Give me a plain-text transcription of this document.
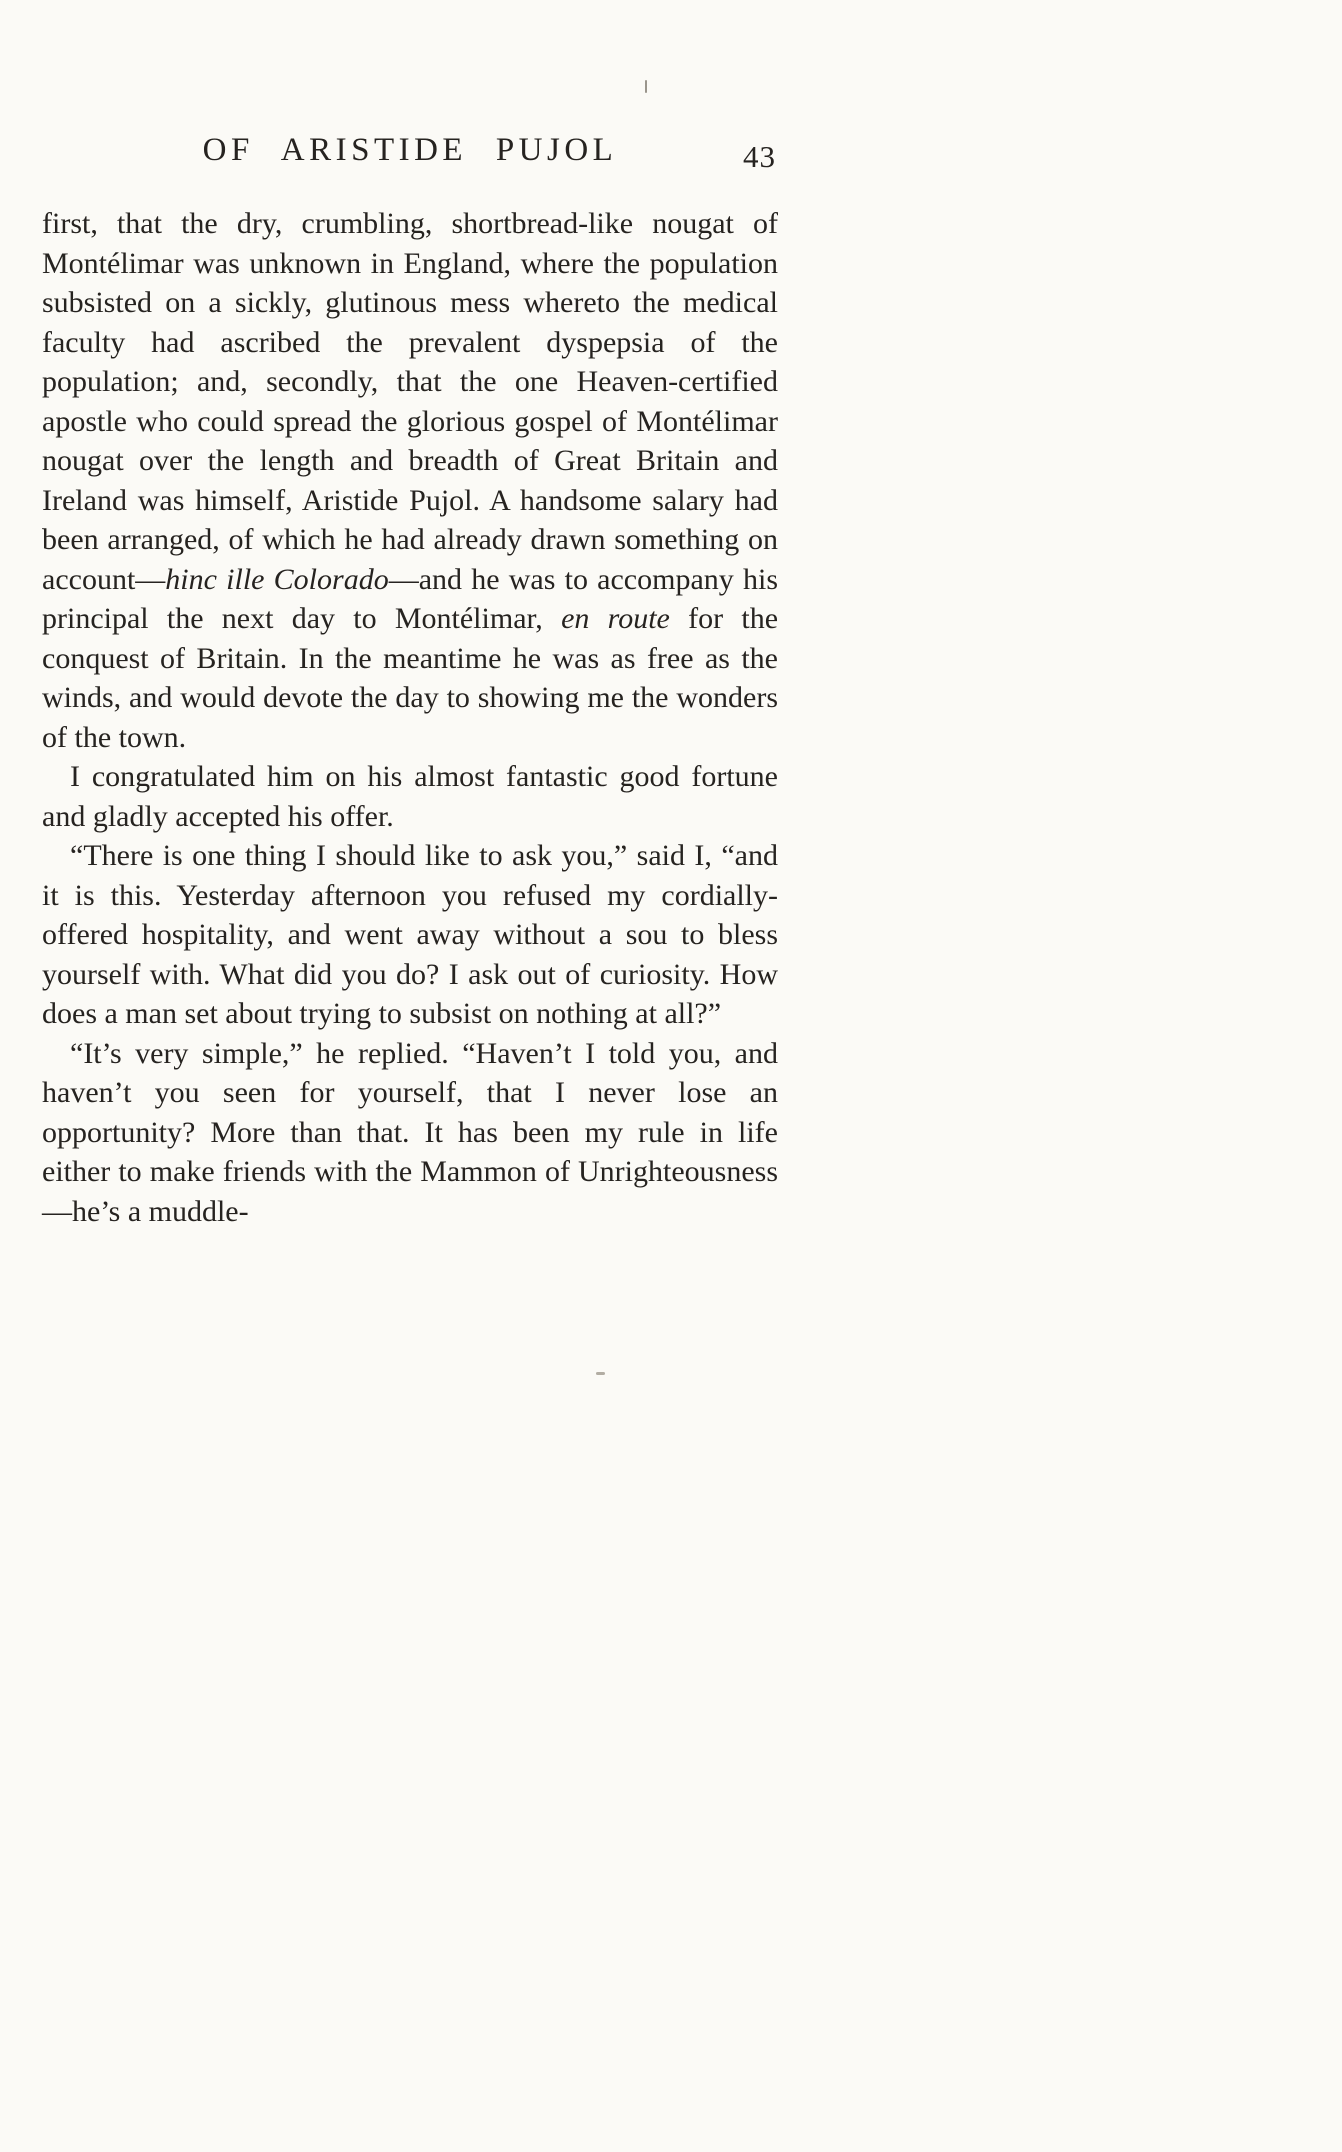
OF ARISTIDE PUJOL	43

first, that the dry, crumbling, shortbread-like nougat of Montélimar was unknown in England, where the population subsisted on a sickly, glutinous mess whereto the medical faculty had ascribed the prevalent dyspepsia of the population; and, secondly, that the one Heaven-certified apostle who could spread the glorious gospel of Montélimar nougat over the length and breadth of Great Britain and Ireland was himself, Aristide Pujol. A handsome salary had been arranged, of which he had already drawn something on account—hinc ille Colorado—and he was to accompany his principal the next day to Montélimar, en route for the conquest of Britain. In the meantime he was as free as the winds, and would devote the day to showing me the wonders of the town.

I congratulated him on his almost fantastic good fortune and gladly accepted his offer.

“There is one thing I should like to ask you,” said I, “and it is this. Yesterday afternoon you refused my cordially-offered hospitality, and went away without a sou to bless yourself with. What did you do? I ask out of curiosity. How does a man set about trying to subsist on nothing at all?”

“It’s very simple,” he replied. “Haven’t I told you, and haven’t you seen for yourself, that I never lose an opportunity? More than that. It has been my rule in life either to make friends with the Mammon of Unrighteousness—he’s a muddle-
